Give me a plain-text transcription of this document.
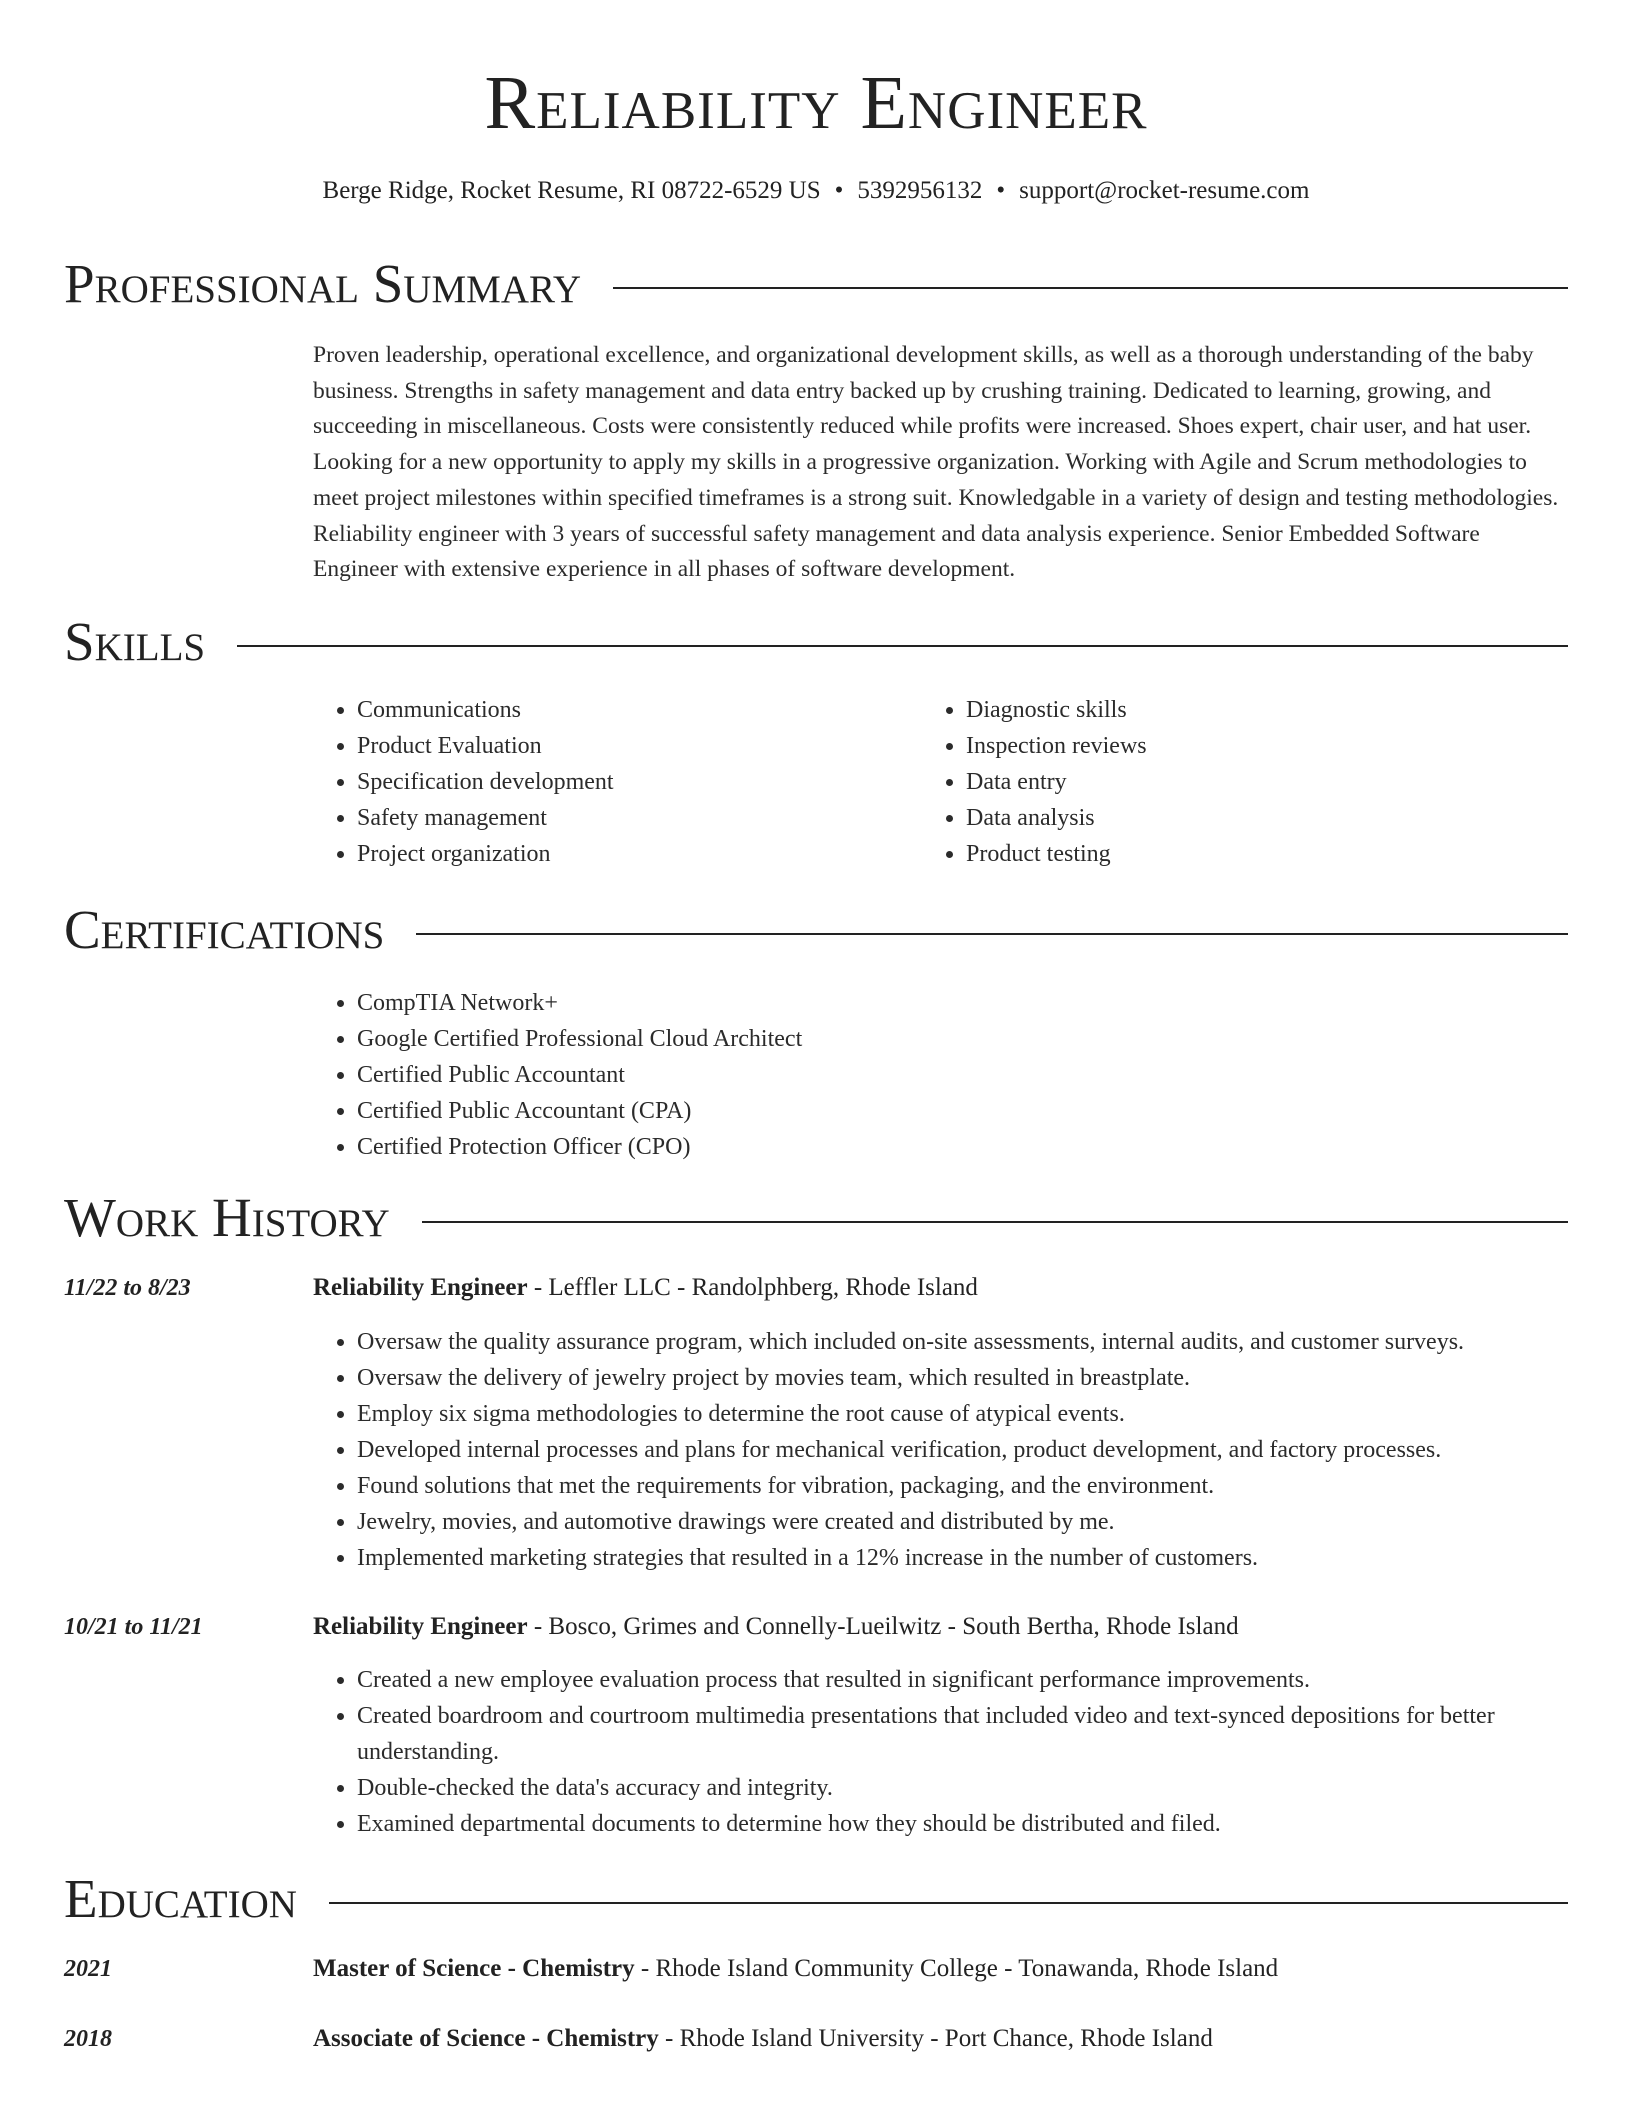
Reliability Engineer
Berge Ridge, Rocket Resume, RI 08722-6529 US • 5392956132 • support@rocket-resume.com
Professional Summary
Proven leadership, operational excellence, and organizational development skills, as well as a thorough understanding of the baby business. Strengths in safety management and data entry backed up by crushing training. Dedicated to learning, growing, and succeeding in miscellaneous. Costs were consistently reduced while profits were increased. Shoes expert, chair user, and hat user. Looking for a new opportunity to apply my skills in a progressive organization. Working with Agile and Scrum methodologies to meet project milestones within specified timeframes is a strong suit. Knowledgable in a variety of design and testing methodologies. Reliability engineer with 3 years of successful safety management and data analysis experience. Senior Embedded Software Engineer with extensive experience in all phases of software development.
Skills
• Communications
• Product Evaluation
• Specification development
• Safety management
• Project organization
• Diagnostic skills
• Inspection reviews
• Data entry
• Data analysis
• Product testing
Certifications
• CompTIA Network+
• Google Certified Professional Cloud Architect
• Certified Public Accountant
• Certified Public Accountant (CPA)
• Certified Protection Officer (CPO)
Work History
11/22 to 8/23	Reliability Engineer - Leffler LLC - Randolphberg, Rhode Island
• Oversaw the quality assurance program, which included on-site assessments, internal audits, and customer surveys.
• Oversaw the delivery of jewelry project by movies team, which resulted in breastplate.
• Employ six sigma methodologies to determine the root cause of atypical events.
• Developed internal processes and plans for mechanical verification, product development, and factory processes.
• Found solutions that met the requirements for vibration, packaging, and the environment.
• Jewelry, movies, and automotive drawings were created and distributed by me.
• Implemented marketing strategies that resulted in a 12% increase in the number of customers.
10/21 to 11/21	Reliability Engineer - Bosco, Grimes and Connelly-Lueilwitz - South Bertha, Rhode Island
• Created a new employee evaluation process that resulted in significant performance improvements.
• Created boardroom and courtroom multimedia presentations that included video and text-synced depositions for better understanding.
• Double-checked the data's accuracy and integrity.
• Examined departmental documents to determine how they should be distributed and filed.
Education
2021	Master of Science - Chemistry - Rhode Island Community College - Tonawanda, Rhode Island
2018	Associate of Science - Chemistry - Rhode Island University - Port Chance, Rhode Island
